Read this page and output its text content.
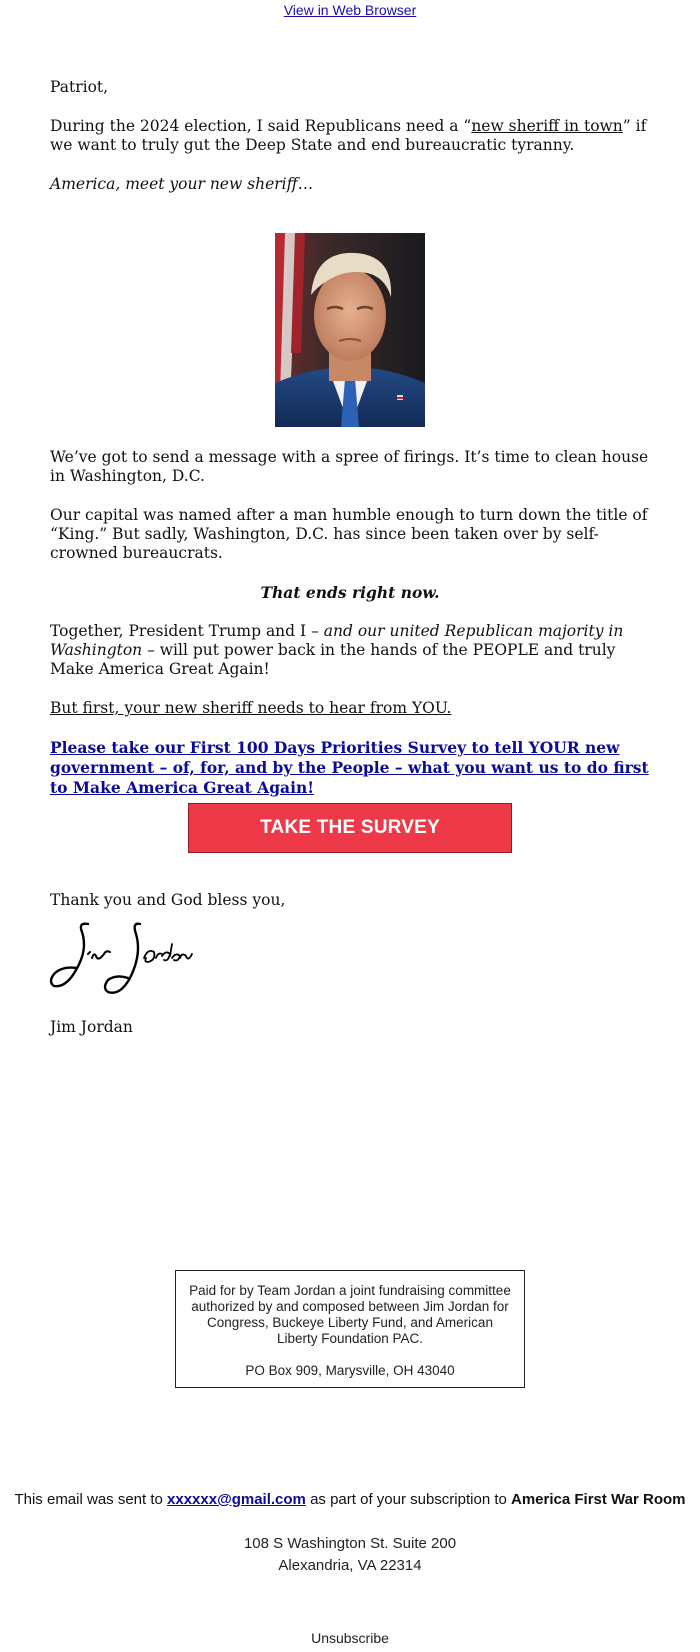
View in Web Browser

Patriot,

During the 2024 election, I said Republicans need a “new sheriff in town” if we want to truly gut the Deep State and end bureaucratic tyranny.

America, meet your new sheriff…

We’ve got to send a message with a spree of firings. It’s time to clean house in Washington, D.C.

Our capital was named after a man humble enough to turn down the title of “King.” But sadly, Washington, D.C. has since been taken over by self-crowned bureaucrats.

That ends right now.

Together, President Trump and I – and our united Republican majority in Washington – will put power back in the hands of the PEOPLE and truly Make America Great Again!

But first, your new sheriff needs to hear from YOU.

Please take our First 100 Days Priorities Survey to tell YOUR new government – of, for, and by the People – what you want us to do first to Make America Great Again!

TAKE THE SURVEY
Thank you and God bless you,
Jim Jordan
Paid for by Team Jordan a joint fundraising committee authorized by and composed between Jim Jordan for Congress, Buckeye Liberty Fund, and American Liberty Foundation PAC.
PO Box 909, Marysville, OH 43040
This email was sent to xxxxxx@gmail.com as part of your subscription to America First War Room
108 S Washington St. Suite 200
Alexandria, VA 22314
Unsubscribe
